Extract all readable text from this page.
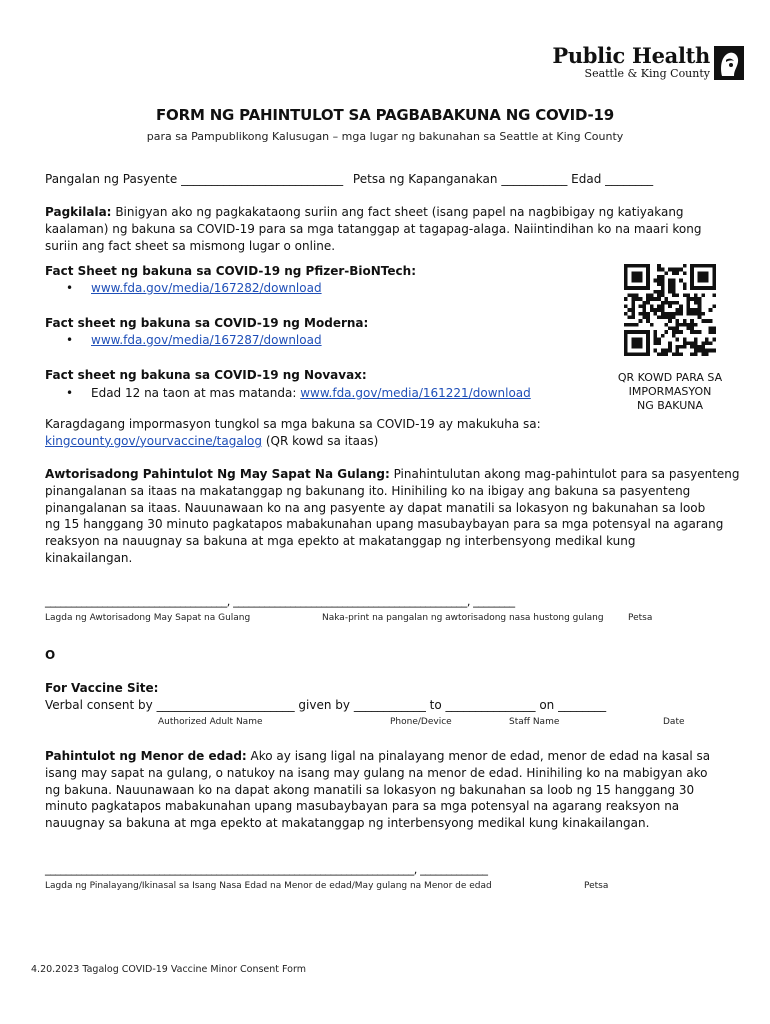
Public Health
Seattle & King County
FORM NG PAHINTULOT SA PAGBABAKUNA NG COVID-19
para sa Pampublikong Kalusugan – mga lugar ng bakunahan sa Seattle at King County
Pangalan ng Pasyente ___________________________ Petsa ng Kapanganakan ___________ Edad ________
Pagkilala: Binigyan ako ng pagkakataong suriin ang fact sheet (isang papel na nagbibigay ng katiyakang
kaalaman) ng bakuna sa COVID-19 para sa mga tatanggap at tagapag-alaga. Naiintindihan ko na maari kong
suriin ang fact sheet sa mismong lugar o online.
Fact Sheet ng bakuna sa COVID-19 ng Pfizer-BioNTech:
• www.fda.gov/media/167282/download
Fact sheet ng bakuna sa COVID-19 ng Moderna:
• www.fda.gov/media/167287/download
Fact sheet ng bakuna sa COVID-19 ng Novavax:
• Edad 12 na taon at mas matanda: www.fda.gov/media/161221/download
QR KOWD PARA SA
IMPORMASYON
NG BAKUNA
Karagdagang impormasyon tungkol sa mga bakuna sa COVID-19 ay makukuha sa:
kingcounty.gov/yourvaccine/tagalog (QR kowd sa itaas)
Awtorisadong Pahintulot Ng May Sapat Na Gulang: Pinahintulutan akong mag-pahintulot para sa pasyenteng
pinangalanan sa itaas na makatanggap ng bakunang ito. Hinihiling ko na ibigay ang bakuna sa pasyenteng
pinangalanan sa itaas. Nauunawaan ko na ang pasyente ay dapat manatili sa lokasyon ng bakunahan sa loob
ng 15 hanggang 30 minuto pagkatapos mabakunahan upang masubaybayan para sa mga potensyal na agarang
reaksyon na nauugnay sa bakuna at mga epekto at makatanggap ng interbensyong medikal kung
kinakailangan.
___________________________________, _____________________________________________, ________
Lagda ng Awtorisadong May Sapat na Gulang	Naka-print na pangalan ng awtorisadong nasa hustong gulang	Petsa
O
For Vaccine Site:
Verbal consent by _______________________ given by ____________ to _______________ on ________
Authorized Adult Name	Phone/Device	Staff Name	Date
Pahintulot ng Menor de edad: Ako ay isang ligal na pinalayang menor de edad, menor de edad na kasal sa
isang may sapat na gulang, o natukoy na isang may gulang na menor de edad. Hinihiling ko na mabigyan ako
ng bakuna. Nauunawaan ko na dapat akong manatili sa lokasyon ng bakunahan sa loob ng 15 hanggang 30
minuto pagkatapos mabakunahan upang masubaybayan para sa mga potensyal na agarang reaksyon na
nauugnay sa bakuna at mga epekto at makatanggap ng interbensyong medikal kung kinakailangan.
_______________________________________________________________________, _____________
Lagda ng Pinalayang/Ikinasal sa Isang Nasa Edad na Menor de edad/May gulang na Menor de edad	Petsa
4.20.2023 Tagalog COVID-19 Vaccine Minor Consent Form
